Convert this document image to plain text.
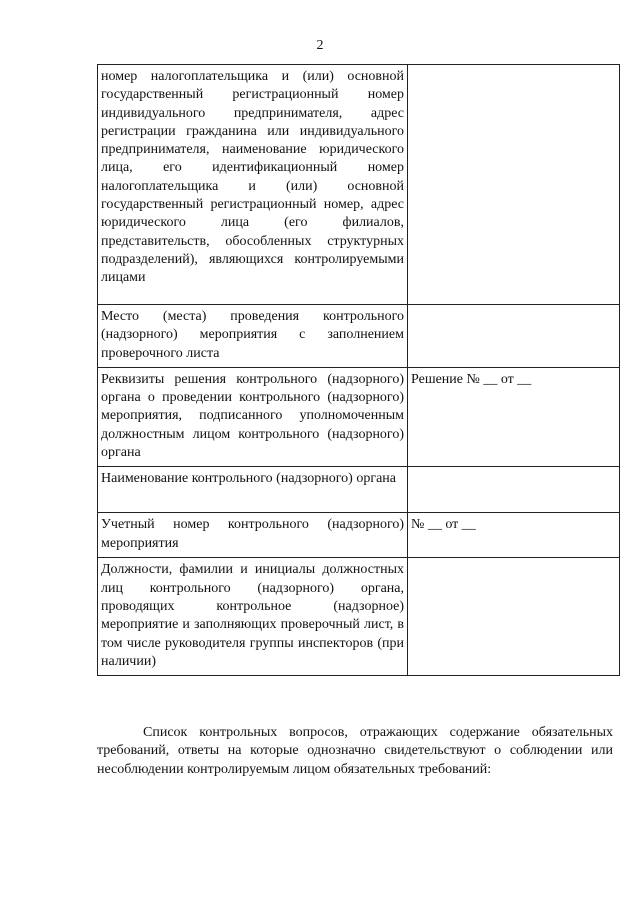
2
номер налогоплательщика и (или) основной государственный регистрационный номер индивидуального предпринимателя, адрес регистрации гражданина или индивидуального предпринимателя, наименование юридического лица, его идентификационный номер налогоплательщика и (или) основной государственный регистрационный номер, адрес юридического лица (его филиалов, представительств, обособленных структурных подразделений), являющихся контролируемыми лицами	
Место (места) проведения контрольного (надзорного) мероприятия с заполнением проверочного листа	
Реквизиты решения контрольного (надзорного) органа о проведении контрольного (надзорного) мероприятия, подписанного уполномоченным должностным лицом контрольного (надзорного) органа	Решение № __ от __
Наименование контрольного (надзорного) органа	
Учетный номер контрольного (надзорного) мероприятия	№ __ от __
Должности, фамилии и инициалы должностных лиц контрольного (надзорного) органа, проводящих контрольное (надзорное) мероприятие и заполняющих проверочный лист, в том числе руководителя группы инспекторов (при наличии)	

Список контрольных вопросов, отражающих содержание обязательных требований, ответы на которые однозначно свидетельствуют о соблюдении или несоблюдении контролируемым лицом обязательных требований:
